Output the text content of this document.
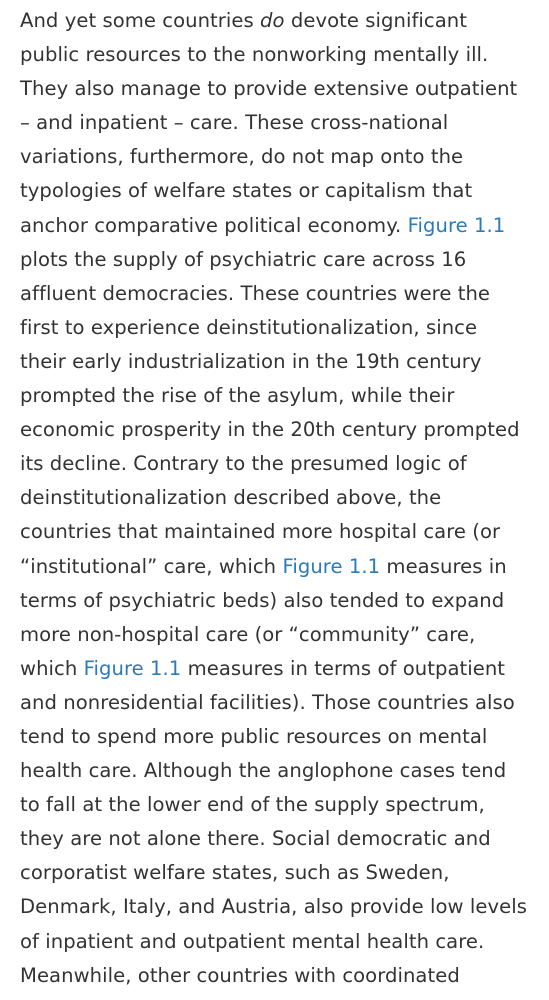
And yet some countries do devote significant
public resources to the nonworking mentally ill.
They also manage to provide extensive outpatient
– and inpatient – care. These cross-national
variations, furthermore, do not map onto the
typologies of welfare states or capitalism that
anchor comparative political economy. Figure 1.1
plots the supply of psychiatric care across 16
affluent democracies. These countries were the
first to experience deinstitutionalization, since
their early industrialization in the 19th century
prompted the rise of the asylum, while their
economic prosperity in the 20th century prompted
its decline. Contrary to the presumed logic of
deinstitutionalization described above, the
countries that maintained more hospital care (or
“institutional” care, which Figure 1.1 measures in
terms of psychiatric beds) also tended to expand
more non-hospital care (or “community” care,
which Figure 1.1 measures in terms of outpatient
and nonresidential facilities). Those countries also
tend to spend more public resources on mental
health care. Although the anglophone cases tend
to fall at the lower end of the supply spectrum,
they are not alone there. Social democratic and
corporatist welfare states, such as Sweden,
Denmark, Italy, and Austria, also provide low levels
of inpatient and outpatient mental health care.
Meanwhile, other countries with coordinated
